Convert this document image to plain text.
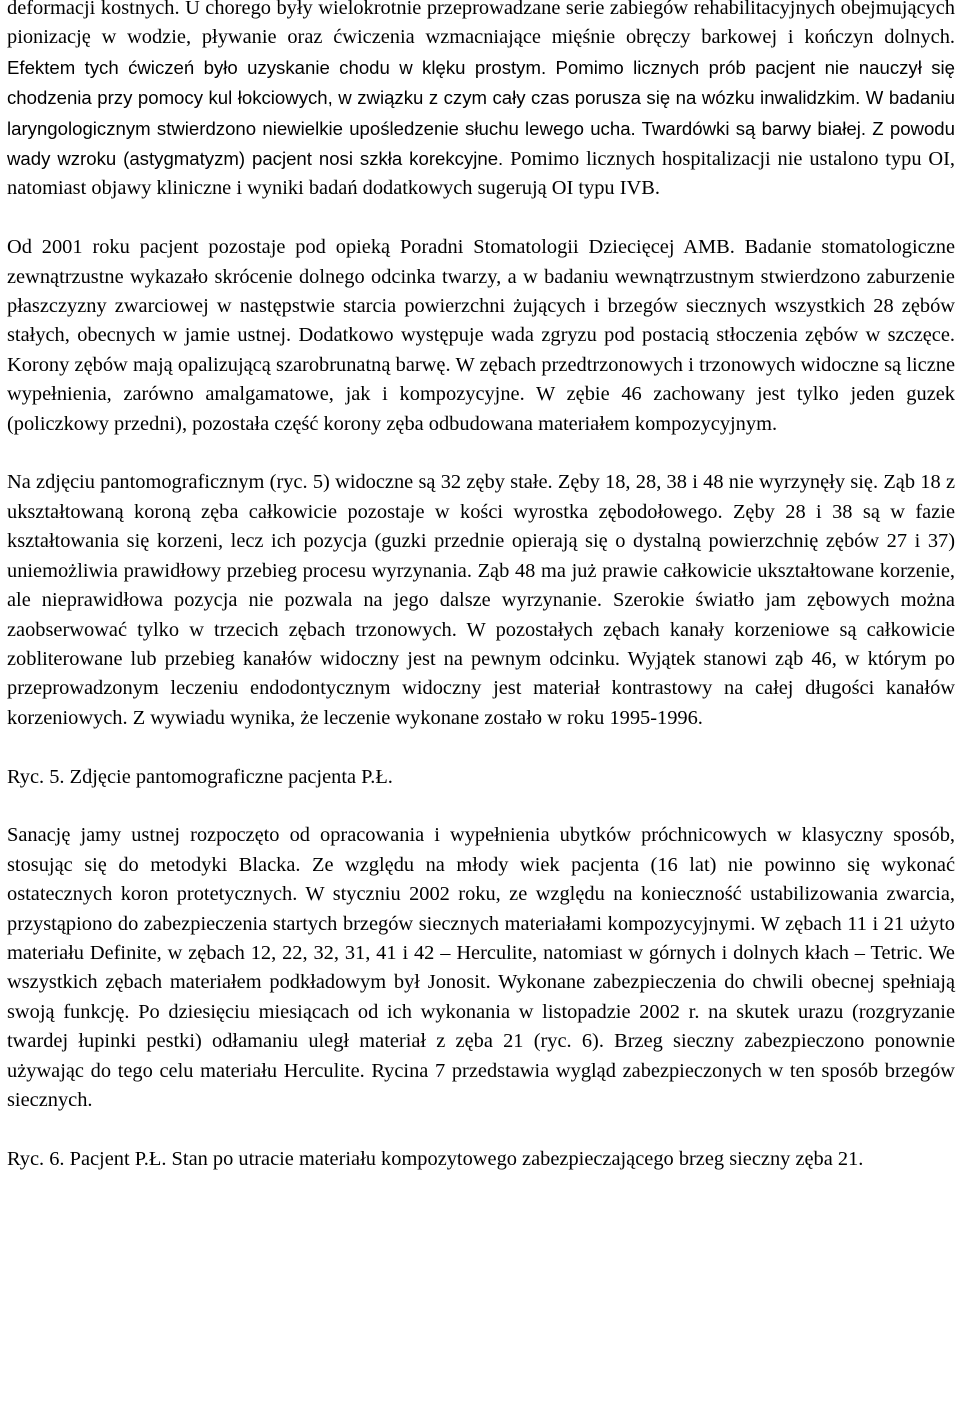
deformacji kostnych. U chorego były wielokrotnie przeprowadzane serie zabiegów rehabilitacyjnych obejmujących pionizację w wodzie, pływanie oraz ćwiczenia wzmacniające mięśnie obręczy barkowej i kończyn dolnych. Efektem tych ćwiczeń było uzyskanie chodu w klęku prostym. Pomimo licznych prób pacjent nie nauczył się chodzenia przy pomocy kul łokciowych, w związku z czym cały czas porusza się na wózku inwalidzkim. W badaniu laryngologicznym stwierdzono niewielkie upośledzenie słuchu lewego ucha. Twardówki są barwy białej. Z powodu wady wzroku (astygmatyzm) pacjent nosi szkła korekcyjne. Pomimo licznych hospitalizacji nie ustalono typu OI, natomiast objawy kliniczne i wyniki badań dodatkowych sugerują OI typu IVB.

Od 2001 roku pacjent pozostaje pod opieką Poradni Stomatologii Dziecięcej AMB. Badanie stomatologiczne zewnątrzustne wykazało skrócenie dolnego odcinka twarzy, a w badaniu wewnątrzustnym stwierdzono zaburzenie płaszczyzny zwarciowej w następstwie starcia powierzchni żujących i brzegów siecznych wszystkich 28 zębów stałych, obecnych w jamie ustnej. Dodatkowo występuje wada zgryzu pod postacią stłoczenia zębów w szczęce. Korony zębów mają opalizującą szarobrunatną barwę. W zębach przedtrzonowych i trzonowych widoczne są liczne wypełnienia, zarówno amalgamatowe, jak i kompozycyjne. W zębie 46 zachowany jest tylko jeden guzek (policzkowy przedni), pozostała część korony zęba odbudowana materiałem kompozycyjnym.

Na zdjęciu pantomograficznym (ryc. 5) widoczne są 32 zęby stałe. Zęby 18, 28, 38 i 48 nie wyrzynęły się. Ząb 18 z ukształtowaną koroną zęba całkowicie pozostaje w kości wyrostka zębodołowego. Zęby 28 i 38 są w fazie kształtowania się korzeni, lecz ich pozycja (guzki przednie opierają się o dystalną powierzchnię zębów 27 i 37) uniemożliwia prawidłowy przebieg procesu wyrzynania. Ząb 48 ma już prawie całkowicie ukształtowane korzenie, ale nieprawidłowa pozycja nie pozwala na jego dalsze wyrzynanie. Szerokie światło jam zębowych można zaobserwować tylko w trzecich zębach trzonowych. W pozostałych zębach kanały korzeniowe są całkowicie zobliterowane lub przebieg kanałów widoczny jest na pewnym odcinku. Wyjątek stanowi ząb 46, w którym po przeprowadzonym leczeniu endodontycznym widoczny jest materiał kontrastowy na całej długości kanałów korzeniowych. Z wywiadu wynika, że leczenie wykonane zostało w roku 1995-1996.

Ryc. 5. Zdjęcie pantomograficzne pacjenta P.Ł.

Sanację jamy ustnej rozpoczęto od opracowania i wypełnienia ubytków próchnicowych w klasyczny sposób, stosując się do metodyki Blacka. Ze względu na młody wiek pacjenta (16 lat) nie powinno się wykonać ostatecznych koron protetycznych. W styczniu 2002 roku, ze względu na konieczność ustabilizowania zwarcia, przystąpiono do zabezpieczenia startych brzegów siecznych materiałami kompozycyjnymi. W zębach 11 i 21 użyto materiału Definite, w zębach 12, 22, 32, 31, 41 i 42 – Herculite, natomiast w górnych i dolnych kłach – Tetric. We wszystkich zębach materiałem podkładowym był Jonosit. Wykonane zabezpieczenia do chwili obecnej spełniają swoją funkcję. Po dziesięciu miesiącach od ich wykonania w listopadzie 2002 r. na skutek urazu (rozgryzanie twardej łupinki pestki) odłamaniu uległ materiał z zęba 21 (ryc. 6). Brzeg sieczny zabezpieczono ponownie używając do tego celu materiału Herculite. Rycina 7 przedstawia wygląd zabezpieczonych w ten sposób brzegów siecznych.

Ryc. 6. Pacjent P.Ł. Stan po utracie materiału kompozytowego zabezpieczającego brzeg sieczny zęba 21.
